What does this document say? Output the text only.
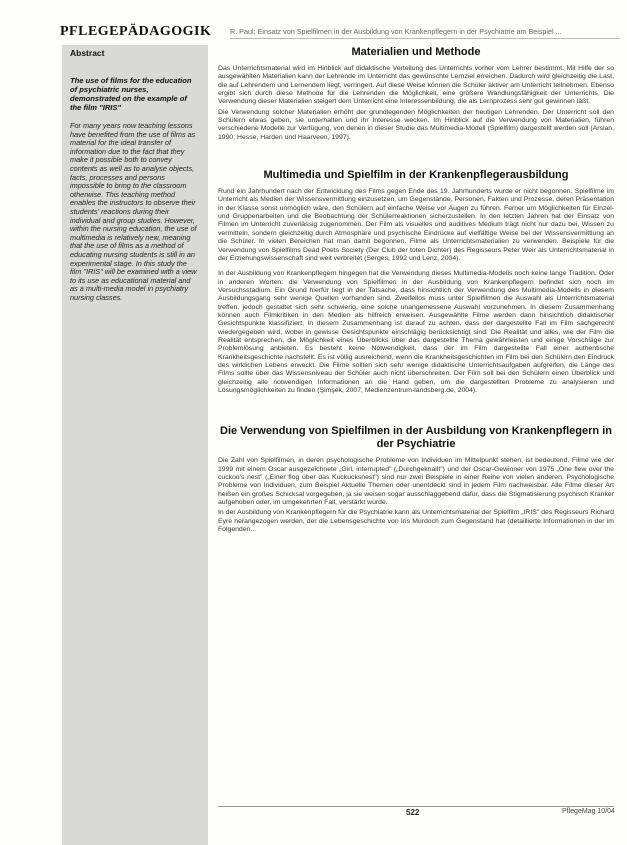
PFLEGEPÄDAGOGIK	R. Paul: Einsatz von Spielfilmen in der Ausbildung von Krankenpflegern in der Psychiatrie am Beispiel ...
Abstract
The use of films for the education of psychiatric nurses, demonstrated on the example of the film "IRIS"
For many years now teaching lessons have benefited from the use of films as material for the ideal transfer of information due to the fact that they make it possible both to convey contents as well as to analyse objects, facts, processes and persons impossible to bring to the classroom otherwise. This teaching method enables the instructors to observe their students' reactions during their individual and group studies. However, within the nursing education, the use of multimedia is relatively new, meaning that the use of films as a method of educating nursing students is still in an experimental stage. In this study the film "IRIS" will be examined with a view to its use as educational material and as a multi-media model in psychiatry nursing classes.
Materialien und Methode

Das Unterrichtsmaterial wird im Hinblick auf didaktische Verteilung des Unterrichts vorher vom Lehrer bestimmt. Mit Hilfe der so ausgewählten Materialien kann der Lehrende im Unterricht das gewünschte Lernziel erreichen. Dadurch wird gleichzeitig die Last, die auf Lehrendem und Lernendem liegt, verringert. Auf diese Weise können die Schüler aktiver am Unterricht teilnehmen. Ebenso ergibt sich durch diese Methode für die Lehrenden die Möglichkeit, eine größere Wandlungsfähigkeit der Unterrichts. Die Verwendung dieser Materialien steigert dem Unterricht eine Interessenbildung, die als Lernprozess sehr gut gewinnen läßt.

Die Verwendung solcher Materialien erhöht der grundlegenden Möglichkeiten der heutigen Lehrenden. Der Unterricht soll den Schülern etwas geben, sie unterhalten und ihr Interesse wecken. Im Hinblick auf die Verwendung von Materialien, führen verschiedene Modelle zur Verfügung, von denen in dieser Studie das Multimedia-Modell (Spielfilm) dargestellt werden soll (Arslan, 1990; Hesse, Harden und Haarveen, 1997).

Multimedia und Spielfilm in der Krankenpflegerausbildung

Rund ein Jahrhundert nach der Entwicklung des Films gegen Ende des 19. Jahrhunderts wurde er nicht begonnen, Spielfilme im Unterricht als Medien der Wissensvermittlung einzusetzen, um Gegenstände, Personen, Fakten und Prozesse, deren Präsentation in der Klasse sonst unmöglich wäre, den Schülern auf einfache Weise vor Augen zu führen. Ferner um Möglichkeiten für Einzel- und Gruppenarbeiten und die Beobachtung der Schülerreaktionen sicherzustellen. In den letzten Jahren hat der Einsatz von Filmen im Unterricht zuverlässig zugenommen. Der Film als visuelles und auditives Medium trägt nicht nur dazu bei, Wissen zu vermitteln, sondern gleichzeitig durch Atmosphäre und psychische Eindrücke auf vielfältige Weise bei der Wissensvermittlung an die Schüler. In vielen Bereichen hat man damit begonnen, Filme als Unterrichtsmaterialien zu verwenden. Beispiele für die Verwendung von Spielfilms Dead Poets Society (Der Club der toten Dichter) des Regisseurs Peter Weir als Unterrichtsmaterial in der Erziehungswissenschaft sind weit verbreitet (Serges, 1992 und Lenz, 2004).

In der Ausbildung von Krankenpflegern hingegen hat die Verwendung dieses Multimedia-Modells noch keine lange Tradition. Oder in anderen Worten: die Verwendung von Spielfilmen in der Ausbildung von Krankenpflegern befindet sich noch im Versuchsstadium. Ein Grund hierfür liegt in der Tatsache, dass hinsichtlich der Verwendung des Multimedia-Modells in diesem Ausbildungsgang sehr wenige Quellen vorhanden sind. Zweifellos muss unter Spielfilmen die Auswahl als Unterrichtsmaterial treffen, jedoch gestaltet sich sehr schwierig, eine solche unangemessene Auswahl vorzunehmen. In diesem Zusammenhang können auch Filmkritiken in den Medien als hilfreich erweisen. Ausgewählte Filme werden dann hinsichtlich didaktischer Gesichtspunkte klassifiziert. In diesem Zusammenhang ist darauf zu achten, dass der dargestellte Fall im Film sachgerecht wiedergegeben wird, wobei in gewisse Gesichtspunkte einschlägig berücksichtigt sind. Die Realität und alles, wie der Film die Realität entsprechen, die Möglichkeit eines Überblicks über das dargestellte Thema gewährleisten und einige Vorschläge zur Problemlösung anbieten. Es besteht keine Notwendigkeit, dass der im Film dargestellte Fall einer authentische Krankheitsgeschichte nachstellt. Es ist völlig ausreichend, wenn die Krankheitsgeschichten im Film bei den Schülern den Eindruck des wirklichen Lebens erweckt. Die Filme sollten sich sehr wenige didaktische Unterrichtsaufgaben aufgreifen, die Länge des Films sollte über das Wissensniveau der Schüler auch nicht überschreiten. Der Film soll bei den Schülern einen Überblick und gleichzeitig alle notwendigen Informationen an die Hand geben, um die dargestellten Probleme zu analysieren und Lösungsmöglichkeiten zu finden (Şimşek, 2007, Medienzentrum-landsberg.de, 2004).

Die Verwendung von Spielfilmen in der Ausbildung von Krankenpflegern in der Psychiatrie

Die Zahl von Spielfilmen, in deren psychologische Probleme von Individuen im Mittelpunkt stehen, ist bedeutend. Filme wie der 1999 mit einem Oscar ausgezeichnete „Girl, interrupted" („Durchgeknallt") und der Oscar-Gewinner von 1975 „One flew over the cuckoo's nest" („Einer flog über das Kuckucksnest") sind nur zwei Beispiele in einer Reihe von vielen anderen. Psychologische Probleme von Individuen, zum Beispiel Aktuelle Themen oder unentdeckt sind in jedem Film nachweisbar. Alle Filme dieser Art heißen ein großes Schicksal vorgegeben, ja sie weisen sogar ausschlaggebend dafür, dass die Stigmatisierung psychisch Kranker aufgehoben oder, im umgekehrten Fall, verstärkt wurde.

In der Ausbildung von Krankenpflegern für die Psychiatrie kann als Unterrichtsmaterial der Spielfilm „IRIS" des Regisseurs Richard Eyre herangezogen werden, der die Lebensgeschichte von Iris Murdoch zum Gegenstand hat (detaillierte Informationen in der im Folgenden...

522	PflegeMag 10/04
